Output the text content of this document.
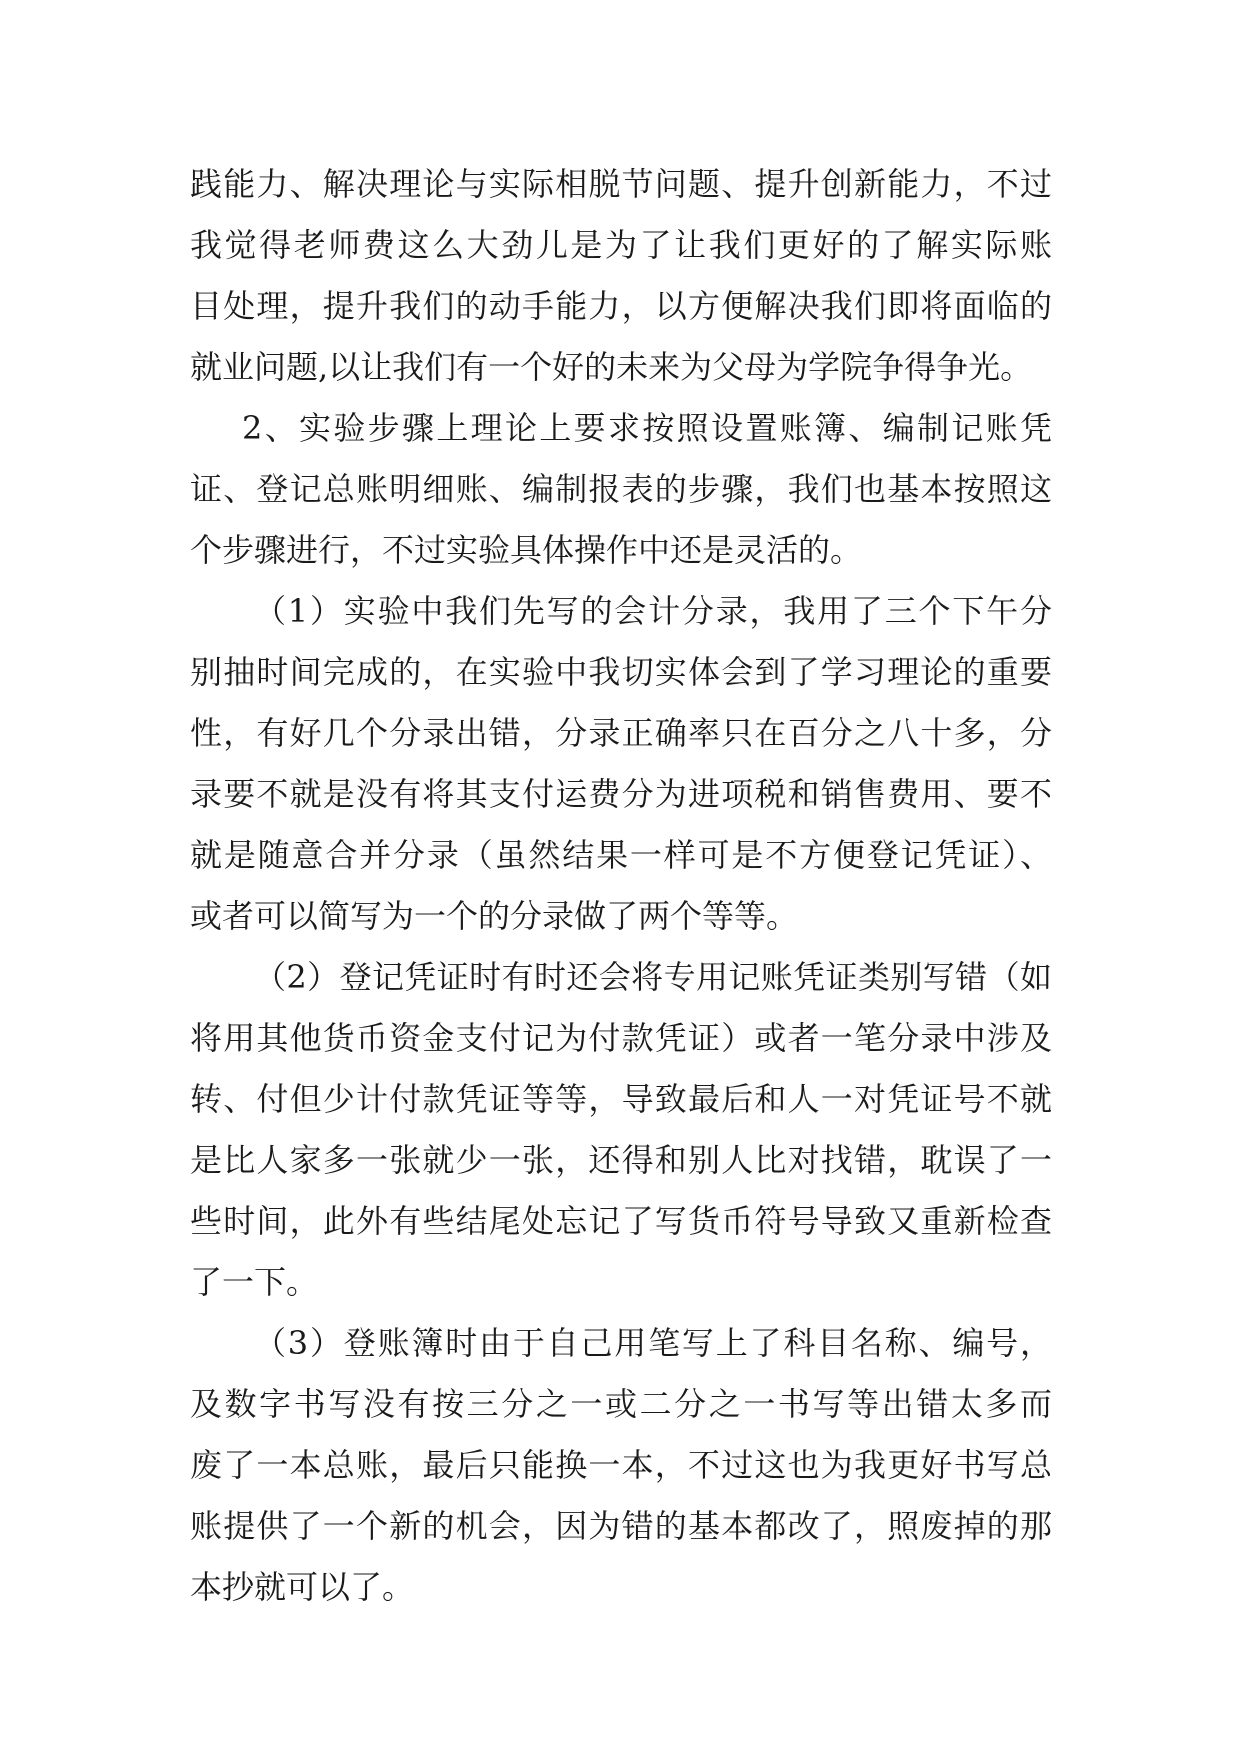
践能力、解决理论与实际相脱节问题、提升创新能力，不过
我觉得老师费这么大劲儿是为了让我们更好的了解实际账
目处理，提升我们的动手能力，以方便解决我们即将面临的
就业问题,以让我们有一个好的未来为父母为学院争得争光。
2、实验步骤上理论上要求按照设置账簿、编制记账凭
证、登记总账明细账、编制报表的步骤，我们也基本按照这
个步骤进行，不过实验具体操作中还是灵活的。
（1）实验中我们先写的会计分录，我用了三个下午分
别抽时间完成的，在实验中我切实体会到了学习理论的重要
性，有好几个分录出错，分录正确率只在百分之八十多，分
录要不就是没有将其支付运费分为进项税和销售费用、要不
就是随意合并分录（虽然结果一样可是不方便登记凭证）、
或者可以简写为一个的分录做了两个等等。
（2）登记凭证时有时还会将专用记账凭证类别写错（如
将用其他货币资金支付记为付款凭证）或者一笔分录中涉及
转、付但少计付款凭证等等，导致最后和人一对凭证号不就
是比人家多一张就少一张，还得和别人比对找错，耽误了一
些时间，此外有些结尾处忘记了写货币符号导致又重新检查
了一下。
（3）登账簿时由于自己用笔写上了科目名称、编号，
及数字书写没有按三分之一或二分之一书写等出错太多而
废了一本总账，最后只能换一本，不过这也为我更好书写总
账提供了一个新的机会，因为错的基本都改了，照废掉的那
本抄就可以了。
